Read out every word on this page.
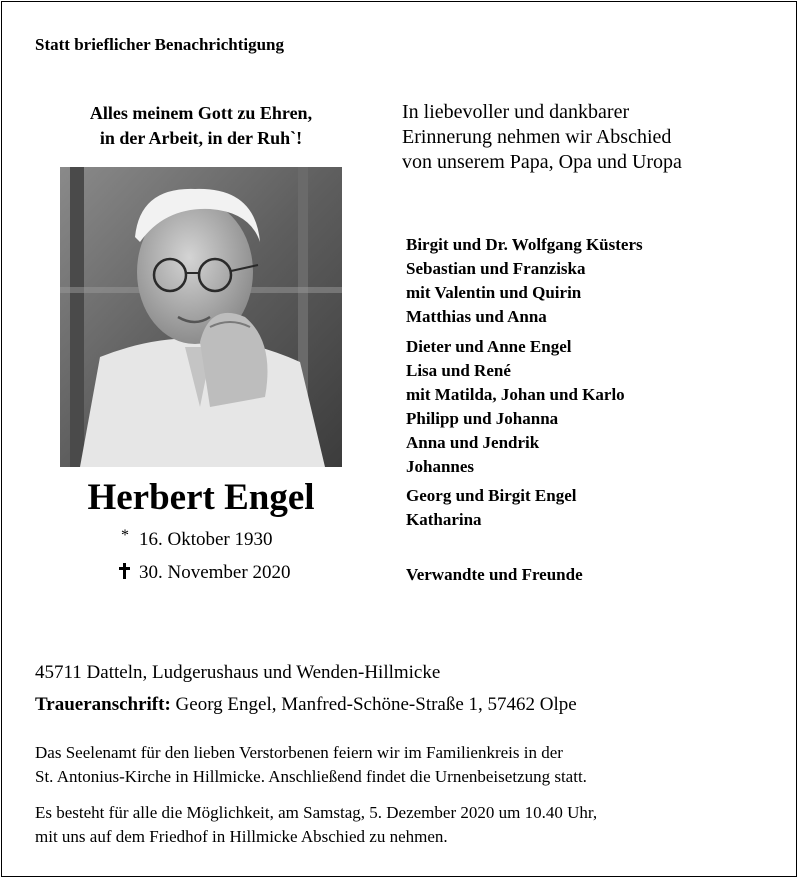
Statt brieflicher Benachrichtigung
Alles meinem Gott zu Ehren,
in der Arbeit, in der Ruh`!
In liebevoller und dankbarer
Erinnerung nehmen wir Abschied
von unserem Papa, Opa und Uropa
Herbert Engel
* 16. Oktober 1930
30. November 2020
Birgit und Dr. Wolfgang Küsters
Sebastian und Franziska
mit Valentin und Quirin
Matthias und Anna
Dieter und Anne Engel
Lisa und René
mit Matilda, Johan und Karlo
Philipp und Johanna
Anna und Jendrik
Johannes
Georg und Birgit Engel
Katharina
Verwandte und Freunde
45711 Datteln, Ludgerushaus und Wenden-Hillmicke
Traueranschrift: Georg Engel, Manfred-Schöne-Straße 1, 57462 Olpe
Das Seelenamt für den lieben Verstorbenen feiern wir im Familienkreis in der
St. Antonius-Kirche in Hillmicke. Anschließend findet die Urnenbeisetzung statt.
Es besteht für alle die Möglichkeit, am Samstag, 5. Dezember 2020 um 10.40 Uhr,
mit uns auf dem Friedhof in Hillmicke Abschied zu nehmen.
